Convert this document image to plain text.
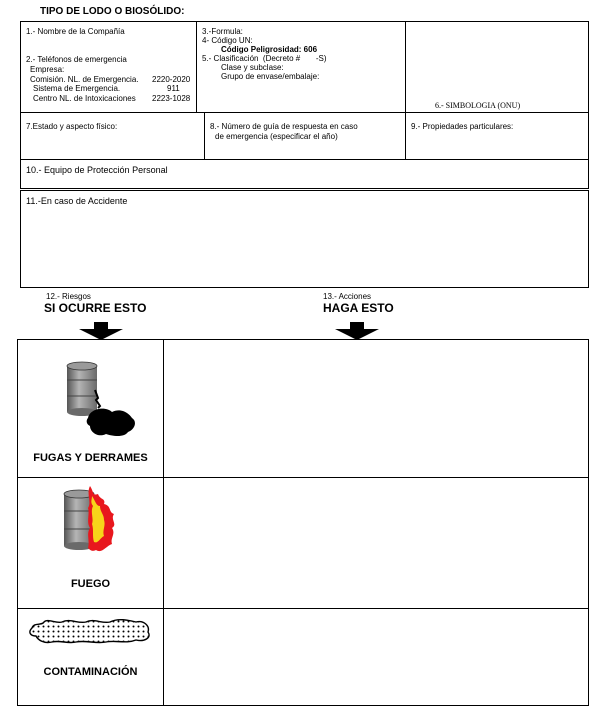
TIPO DE LODO O BIOSÓLIDO:
1.- Nombre de la Compañía
2.- Teléfonos de emergencia
Empresa:
Comisión. NL. de Emergencia. 2220-2020
Sistema de Emergencia.	911
Centro NL. de Intoxicaciones 2223-1028
3.-Formula:
4- Código UN:
Código Peligrosidad: 606
5.- Clasificación  (Decreto #       -S)
Clase y subclase:
Grupo de envase/embalaje:
6.- SIMBOLOGIA (ONU)
7.Estado y aspecto físico:	8.- Número de guía de respuesta en caso
de emergencia (especificar el año)
9.- Propiedades particulares:
10.- Equipo de Protección Personal
11.-En caso de Accidente
12.- Riesgos
SI OCURRE ESTO
13.- Acciones
HAGA ESTO
FUGAS Y DERRAMES
FUEGO
CONTAMINACIÓN
